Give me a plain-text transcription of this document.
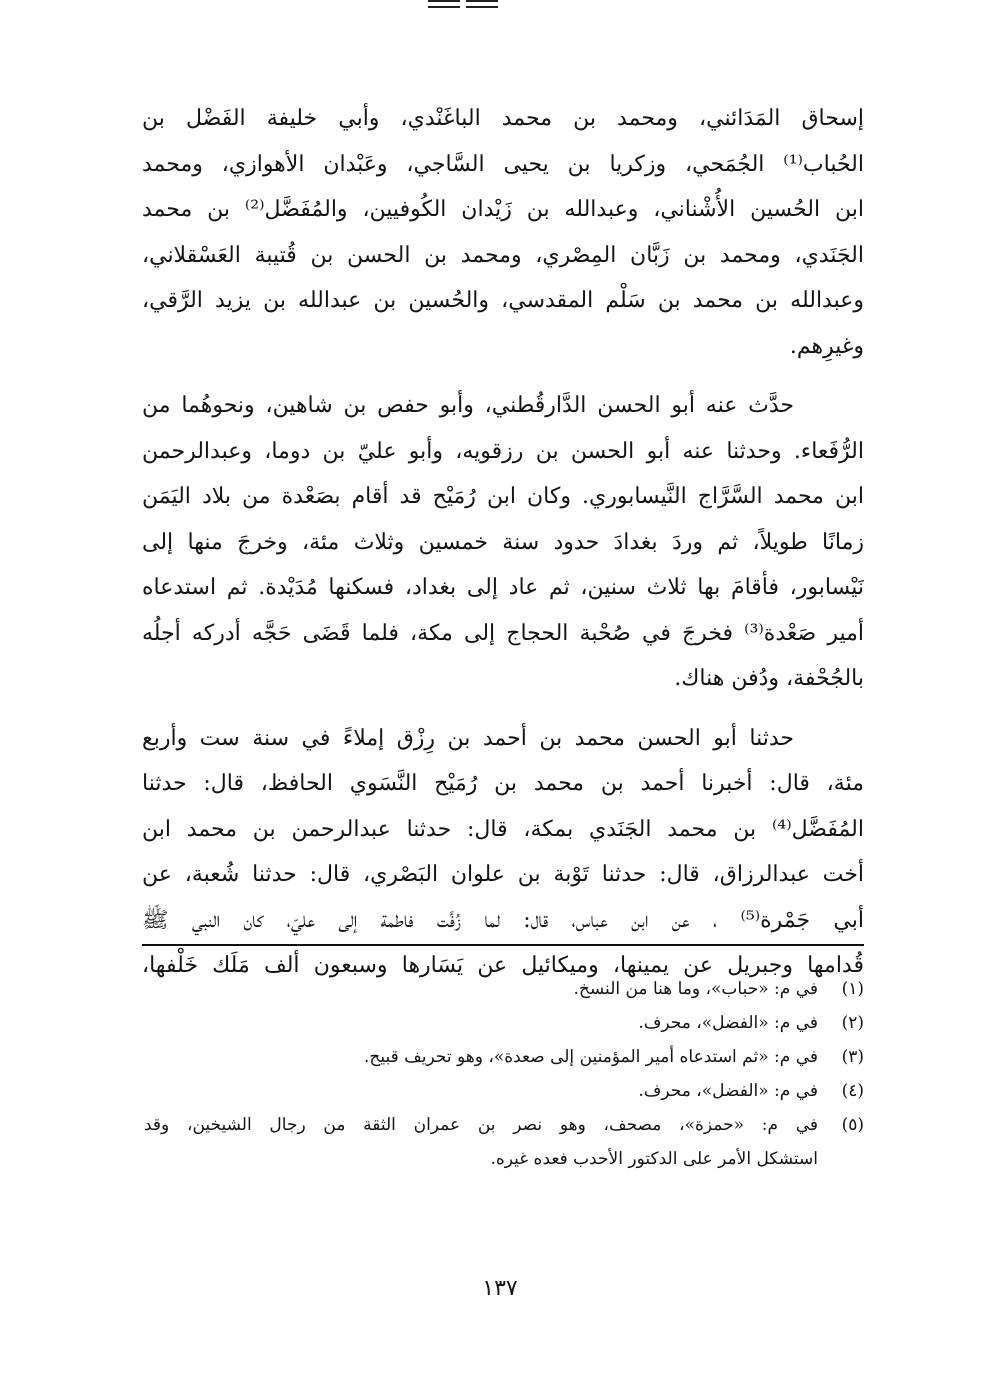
إسحاق المَدَائني، ومحمد بن محمد الباغَنْدي، وأبي خليفة الفَضْل بن
الحُباب⁽¹⁾ الجُمَحي، وزكريا بن يحيى السَّاجي، وعَبْدان الأهوازي، ومحمد
ابن الحُسين الأُشْناني، وعبدالله بن زَيْدان الكُوفيين، والمُفَضَّل⁽²⁾ بن محمد
الجَنَدي، ومحمد بن زَبَّان المِصْري، ومحمد بن الحسن بن قُتيبة العَسْقلاني،
وعبدالله بن محمد بن سَلْم المقدسي، والحُسين بن عبدالله بن يزيد الرَّقي،
وغيرِهم.
حدَّث عنه أبو الحسن الدَّارقُطني، وأبو حفص بن شاهين، ونحوهُما من
الرُّفَعاء. وحدثنا عنه أبو الحسن بن رزقويه، وأبو عليّ بن دوما، وعبدالرحمن
ابن محمد السَّرَّاج النَّيسابوري. وكان ابن رُمَيْح قد أقام بصَعْدة من بلاد اليَمَن
زمانًا طويلاً، ثم وردَ بغدادَ حدود سنة خمسين وثلاث مئة، وخرجَ منها إلى
نَيْسابور، فأقامَ بها ثلاث سنين، ثم عاد إلى بغداد، فسكنها مُدَيْدة. ثم استدعاه
أمير صَعْدة⁽³⁾ فخرجَ في صُحْبة الحجاج إلى مكة، فلما قَضَى حَجَّه أدركه أجلُه
بالجُحْفة، ودُفن هناك.
حدثنا أبو الحسن محمد بن أحمد بن رِزْق إملاءً في سنة ست وأربع
مئة، قال: أخبرنا أحمد بن محمد بن رُمَيْح النَّسَوي الحافظ، قال: حدثنا
المُفَضَّل⁽⁴⁾ بن محمد الجَنَدي بمكة، قال: حدثنا عبدالرحمن بن محمد ابن
أخت عبدالرزاق، قال: حدثنا تَوْبة بن علوان البَصْري، قال: حدثنا شُعبة، عن
أبي جَمْرة⁽⁵⁾ ، عن ابن عباس، قال: لما زُفَّت فاطمة إلى عليّ، كان النبي ﷺ
قُدامها وجبريل عن يمينها، وميكائيل عن يَسَارها وسبعون ألف مَلَك خَلْفها،
(١)
في م: «حباب»، وما هنا من النسخ.
(٢)
في م: «الفضل»، محرف.
(٣)
في م: «ثم استدعاه أمير المؤمنين إلى صعدة»، وهو تحريف قبيح.
(٤)
في م: «الفضل»، محرف.
(٥)
في م: «حمزة»، مصحف، وهو نصر بن عمران الثقة من رجال الشيخين، وقد
استشكل الأمر على الدكتور الأحدب فعده غيره.
١٣٧
